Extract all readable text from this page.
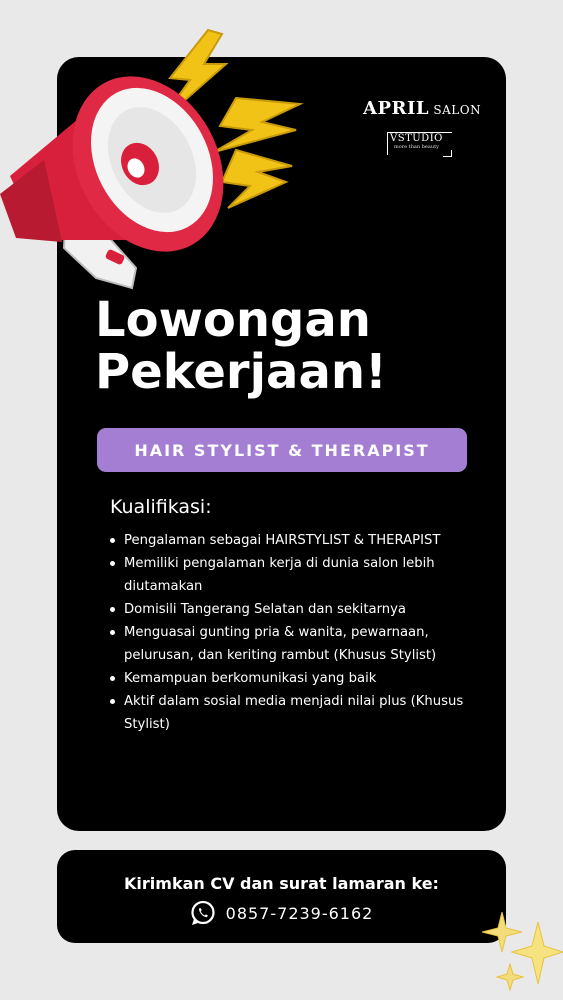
APRIL SALON
VSTUDIO
more than beauty
Lowongan
Pekerjaan!
HAIR STYLIST & THERAPIST
Kualifikasi:
Pengalaman sebagai HAIRSTYLIST & THERAPIST
Memiliki pengalaman kerja di dunia salon lebih diutamakan
Domisili Tangerang Selatan dan sekitarnya
Menguasai gunting pria & wanita, pewarnaan, pelurusan, dan keriting rambut (Khusus Stylist)
Kemampuan berkomunikasi yang baik
Aktif dalam sosial media menjadi nilai plus (Khusus Stylist)
Kirimkan CV dan surat lamaran ke:
0857-7239-6162
